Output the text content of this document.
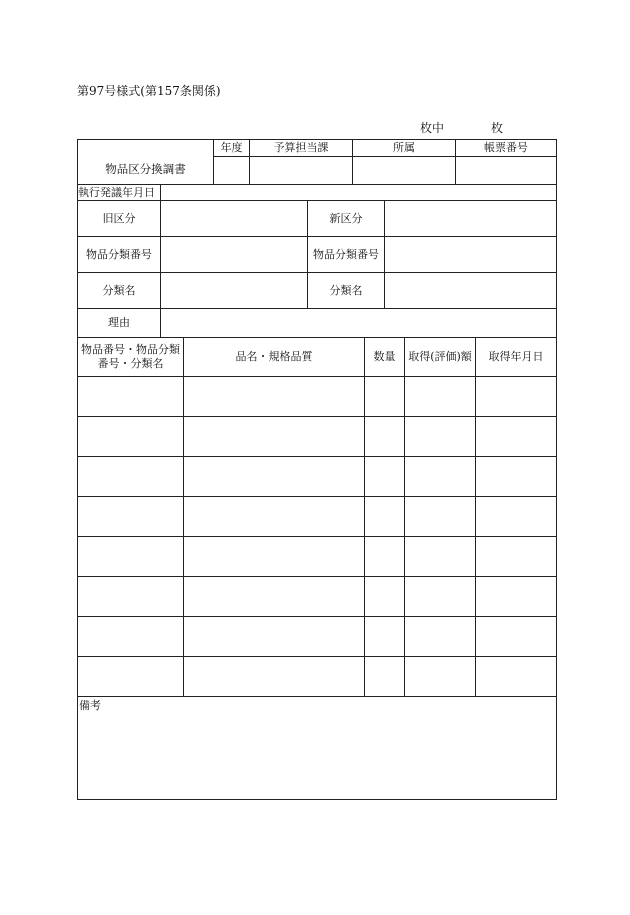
第97号様式(第157条関係)
枚中	枚
物品区分換調書
年度	予算担当課	所属	帳票番号
執行発議年月日
旧区分	新区分
物品分類番号	物品分類番号
分類名	分類名
理由
物品番号・物品分類
番号・分類名
品名・規格品質	数量	取得(評価)額	取得年月日
備考
